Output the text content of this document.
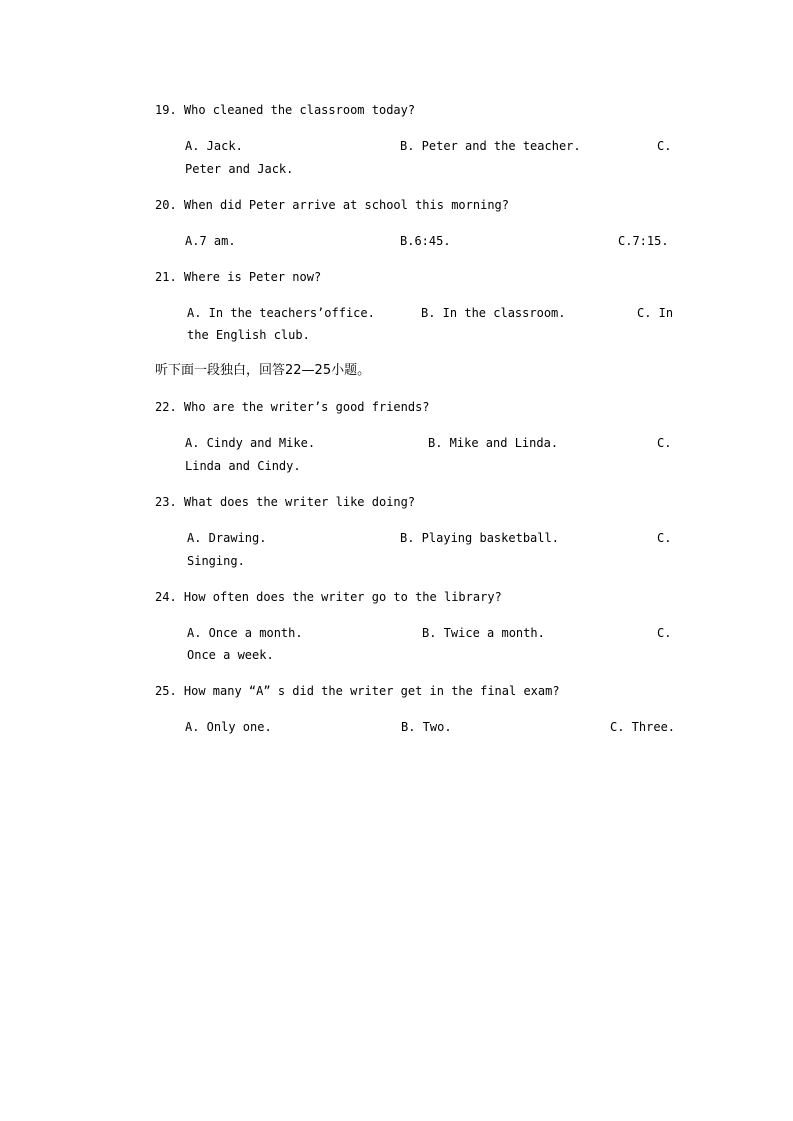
19. Who cleaned the classroom today?
A. Jack.	B. Peter and the teacher.	C.
Peter and Jack.
20. When did Peter arrive at school this morning?
A.7 am.	B.6:45.	C.7:15.
21. Where is Peter now?
A. In the teachers’office.	B. In the classroom.	C. In
the English club.
听下面一段独白，回答22—25小题。
22. Who are the writer’s good friends?
A. Cindy and Mike.	B. Mike and Linda.	C.
Linda and Cindy.
23. What does the writer like doing?
A. Drawing.	B. Playing basketball.	C.
Singing.
24. How often does the writer go to the library?
A. Once a month.	B. Twice a month.	C.
Once a week.
25. How many “A” s did the writer get in the final exam?
A. Only one.	B. Two.	C. Three.
